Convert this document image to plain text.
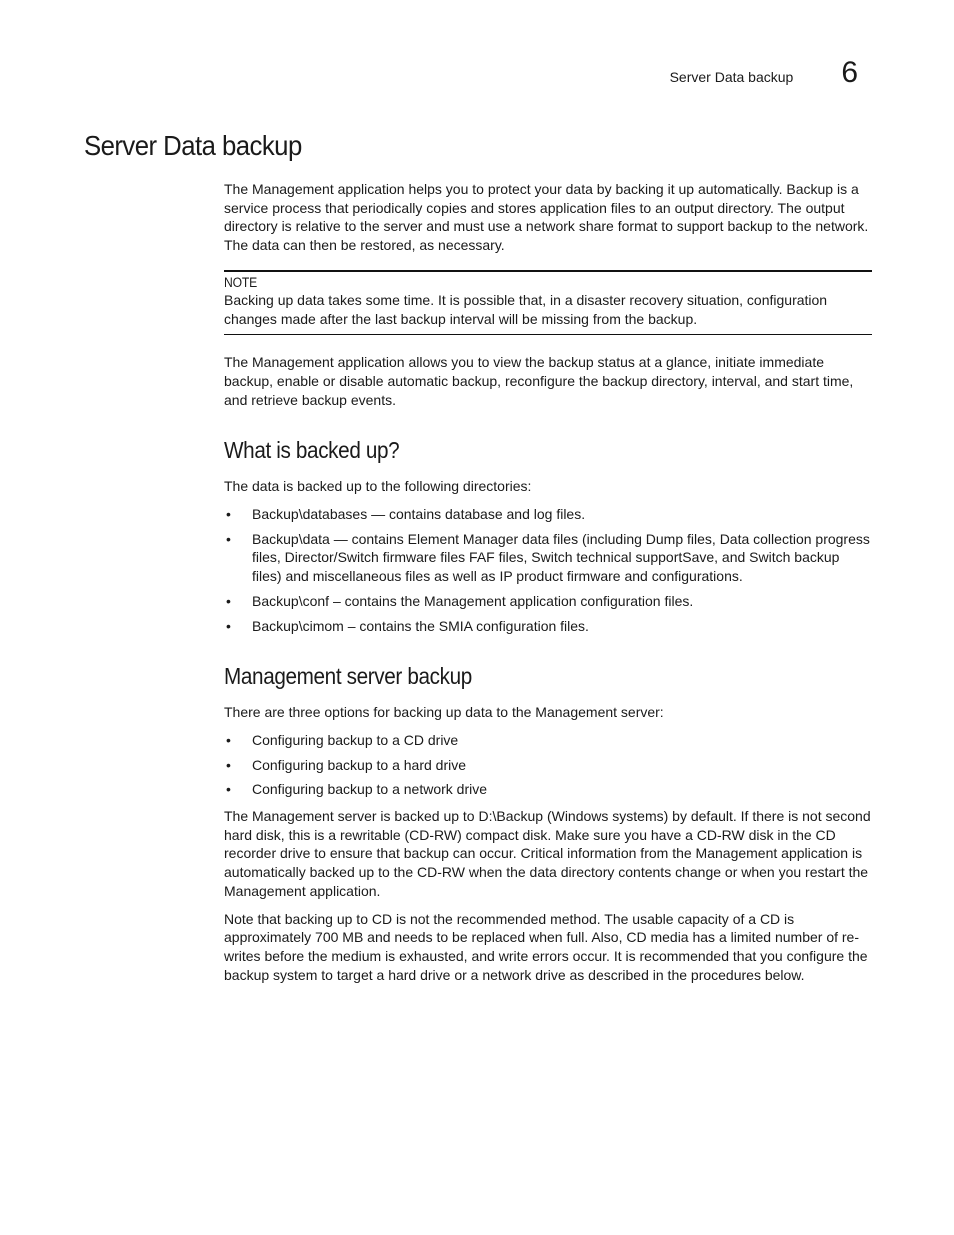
Server Data backup 6
Server Data backup

The Management application helps you to protect your data by backing it up automatically. Backup is a service process that periodically copies and stores application files to an output directory. The output directory is relative to the server and must use a network share format to support backup to the network. The data can then be restored, as necessary.

NOTE

Backing up data takes some time. It is possible that, in a disaster recovery situation, configuration changes made after the last backup interval will be missing from the backup.

The Management application allows you to view the backup status at a glance, initiate immediate backup, enable or disable automatic backup, reconfigure the backup directory, interval, and start time, and retrieve backup events.

What is backed up?

The data is backed up to the following directories:

• Backup\databases — contains database and log files.
• Backup\data — contains Element Manager data files (including Dump files, Data collection progress files, Director/Switch firmware files FAF files, Switch technical supportSave, and Switch backup files) and miscellaneous files as well as IP product firmware and configurations.
• Backup\conf – contains the Management application configuration files.
• Backup\cimom – contains the SMIA configuration files.
Management server backup

There are three options for backing up data to the Management server:

• Configuring backup to a CD drive
• Configuring backup to a hard drive
• Configuring backup to a network drive

The Management server is backed up to D:\Backup (Windows systems) by default. If there is not second hard disk, this is a rewritable (CD-RW) compact disk. Make sure you have a CD-RW disk in the CD recorder drive to ensure that backup can occur. Critical information from the Management application is automatically backed up to the CD-RW when the data directory contents change or when you restart the Management application.

Note that backing up to CD is not the recommended method. The usable capacity of a CD is approximately 700 MB and needs to be replaced when full. Also, CD media has a limited number of re-writes before the medium is exhausted, and write errors occur. It is recommended that you configure the backup system to target a hard drive or a network drive as described in the procedures below.
